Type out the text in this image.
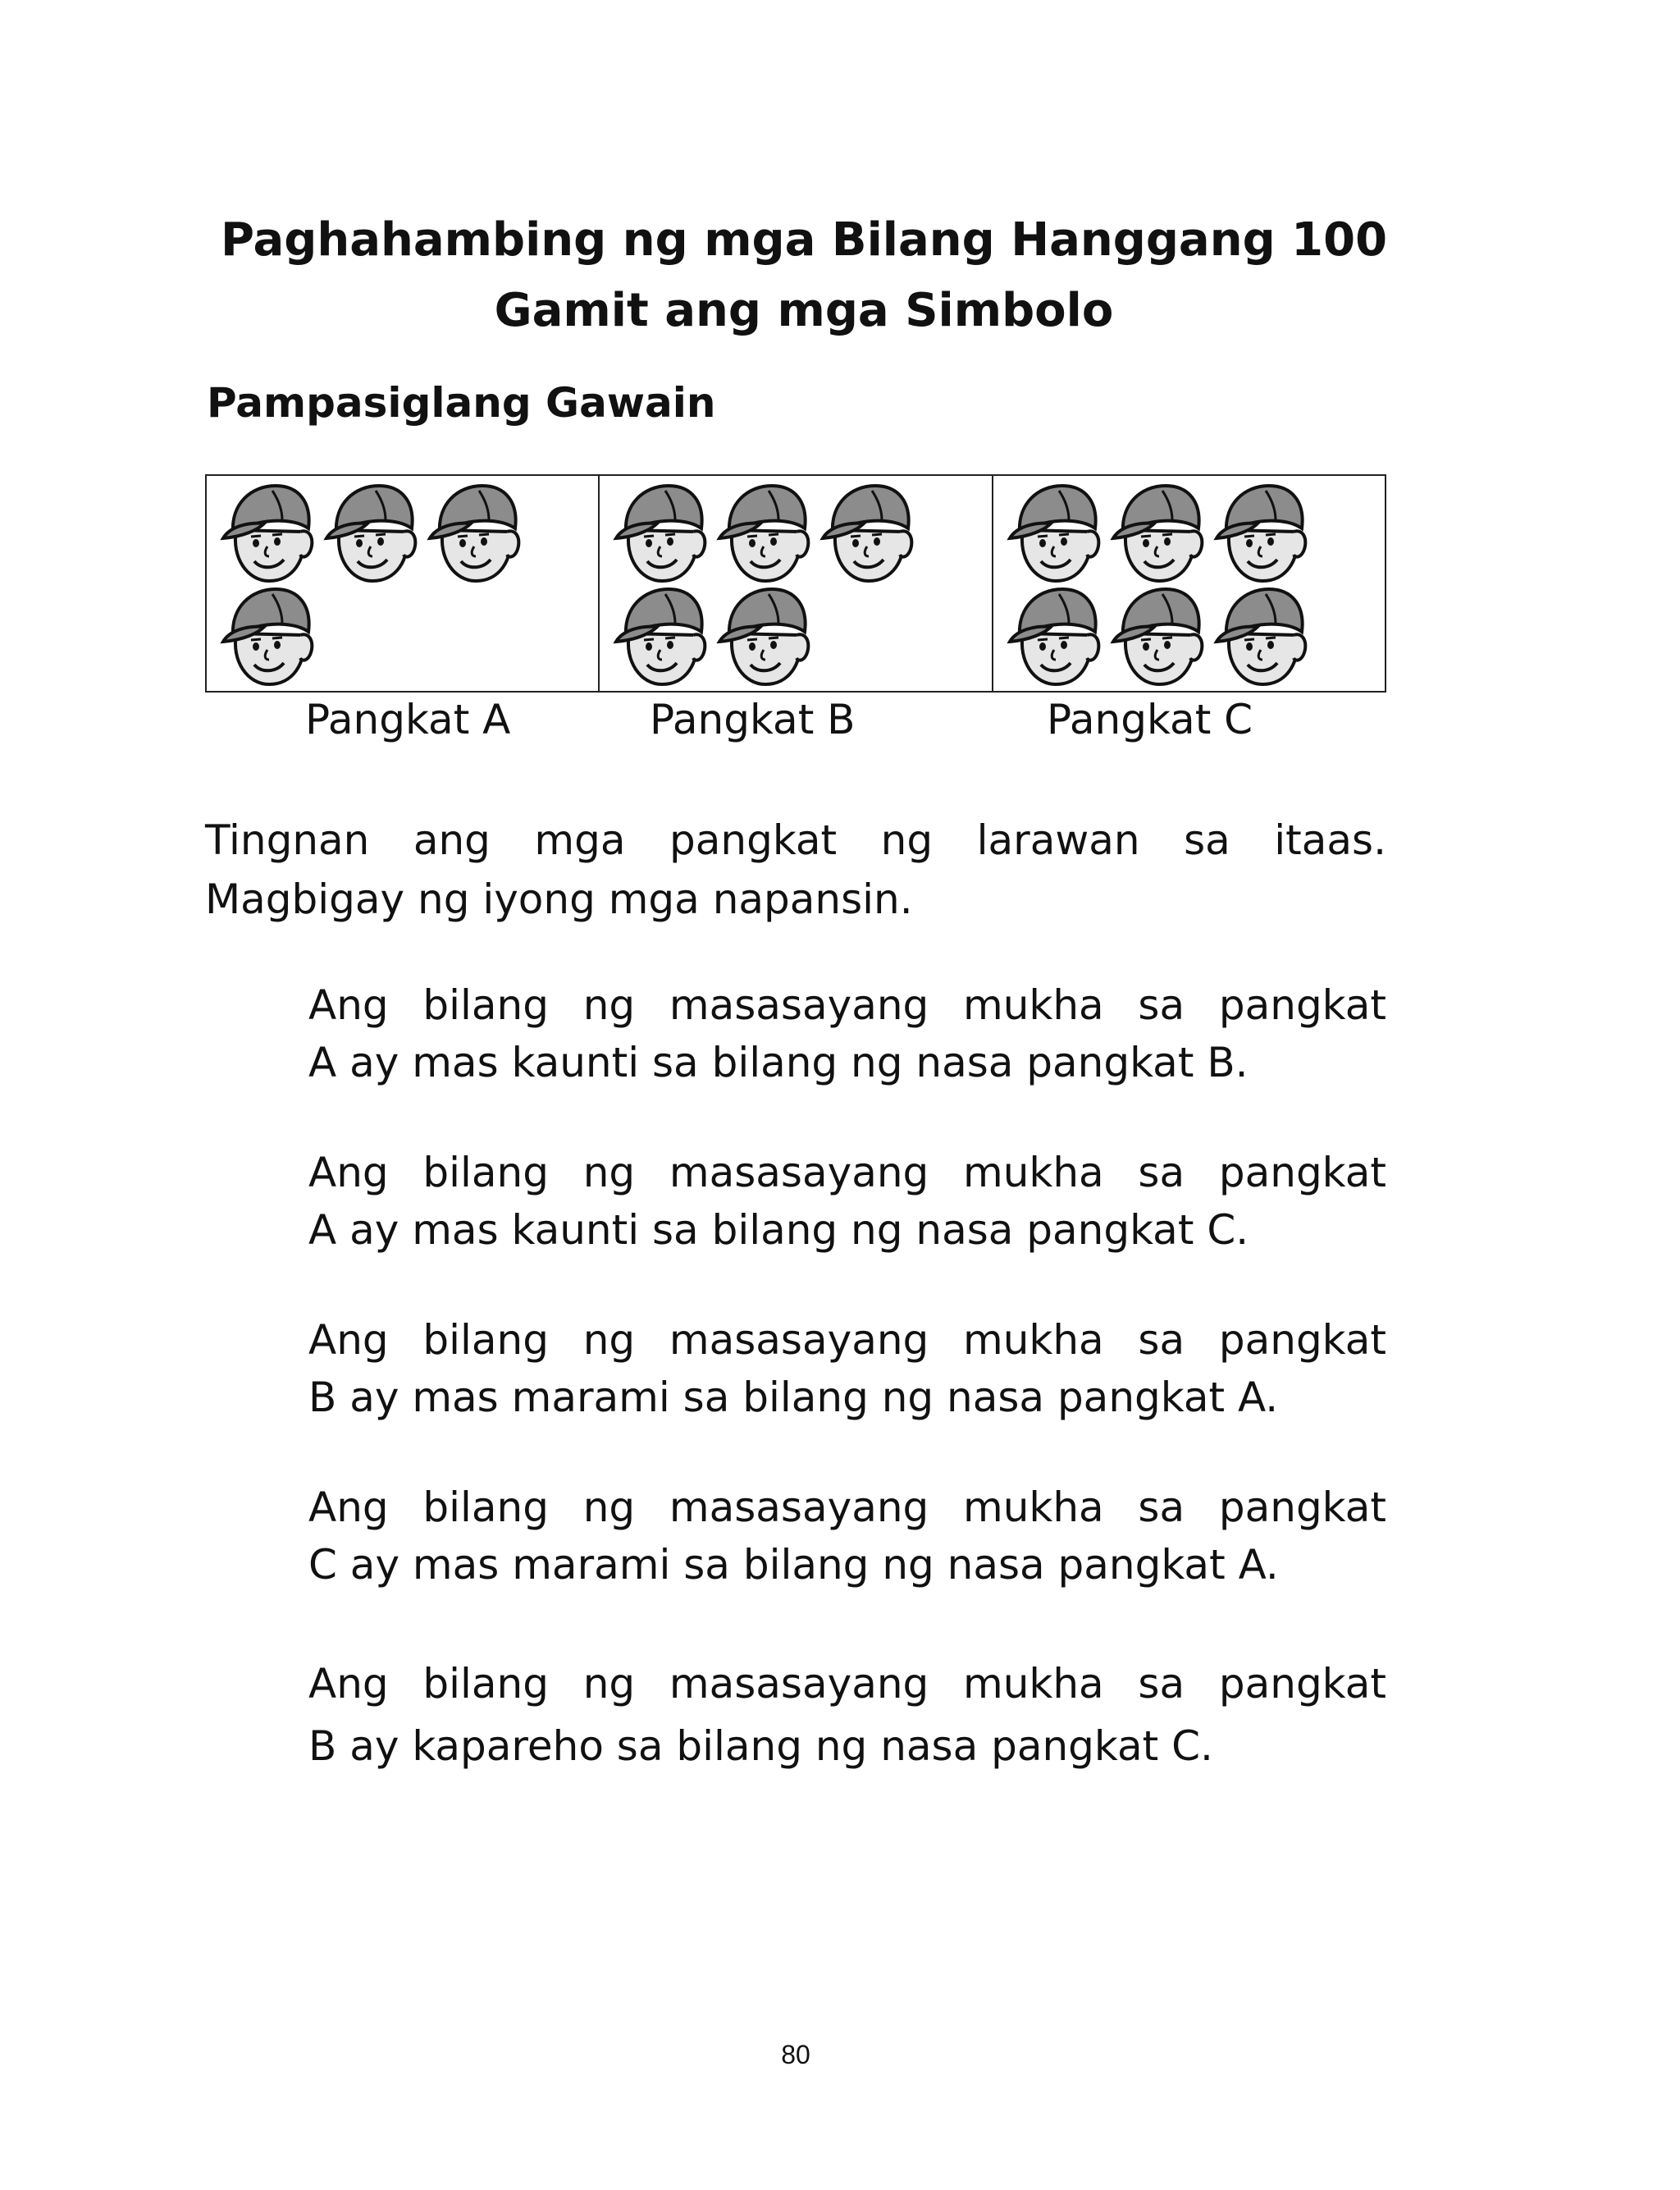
Paghahambing ng mga Bilang Hanggang 100
Gamit ang mga Simbolo
Pampasiglang Gawain
Pangkat A	Pangkat B	Pangkat C
Tingnan ang mga pangkat ng larawan sa itaas.
Magbigay ng iyong mga napansin.
Ang bilang ng masasayang mukha sa pangkat
A ay mas kaunti sa bilang ng nasa pangkat B.
Ang bilang ng masasayang mukha sa pangkat
A ay mas kaunti sa bilang ng nasa pangkat C.
Ang bilang ng masasayang mukha sa pangkat
B ay mas marami sa bilang ng nasa pangkat A.
Ang bilang ng masasayang mukha sa pangkat
C ay mas marami sa bilang ng nasa pangkat A.
Ang bilang ng masasayang mukha sa pangkat
B ay kapareho sa bilang ng nasa pangkat C.
80
